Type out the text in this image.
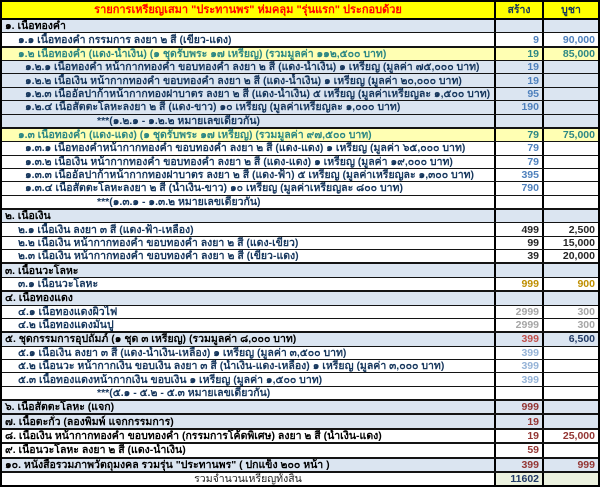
รายการเหรียญเสมา "ประทานพร" ห่มคลุม "รุ่นแรก" ประกอบด้วย	สร้าง	บูชา
๑. เนื้อทองคำ
๑.๑ เนื้อทองคำ กรรมการ ลงยา ๒ สี (เขียว-แดง)	9	90,000
๑.๒ เนื้อทองคำ (แดง-น้ำเงิน) (๑ ชุดรับพระ ๑๗ เหรียญ) (รวมมูลค่า ๑๑๒,๕๐๐ บาท)	19	85,000
๑.๒.๑ เนื้อทองคำ หน้ากากทองคำ ขอบทองคำ ลงยา ๒ สี (แดง-น้ำเงิน) ๑ เหรียญ (มูลค่า ๗๕,๐๐๐ บาท)	19
๑.๒.๒ เนื้อเงิน หน้ากากทองคำ ขอบทองคำ ลงยา ๒ สี (แดง-น้ำเงิน) ๑ เหรียญ (มูลค่า ๒๐,๐๐๐ บาท)	19
๑.๒.๓ เนื้ออัลปาก้าหน้ากากทองฝาบาตร ลงยา ๒ สี (แดง-น้ำเงิน) ๕ เหรียญ (มูลค่าเหรียญละ ๑,๕๐๐ บาท)	95
๑.๒.๔ เนื้อสัตตะโลหะลงยา ๒ สี (แดง-ขาว) ๑๐ เหรียญ (มูลค่าเหรียญละ ๑,๐๐๐ บาท)	190
***(๑.๒.๑ - ๑.๒.๒ หมายเลขเดียวกัน)
๑.๓ เนื้อทองคำ (แดง-แดง) (๑ ชุดรับพระ ๑๗ เหรียญ) (รวมมูลค่า ๙๗,๕๐๐ บาท)	79	75,000
๑.๓.๑ เนื้อทองคำหน้ากากทองคำ ขอบทองคำ ลงยา ๒ สี (แดง-แดง) ๑ เหรียญ (มูลค่า ๖๕,๐๐๐ บาท)	79
๑.๓.๒ เนื้อเงิน หน้ากากทองคำ ขอบทองคำ ลงยา ๒ สี (แดง-แดง) ๑ เหรียญ (มูลค่า ๑๙,๐๐๐ บาท)	79
๑.๓.๓ เนื้ออัลปาก้าหน้ากากทองฝาบาตร ลงยา ๒ สี (แดง-ฟ้า) ๕ เหรียญ (มูลค่าเหรียญละ ๑,๓๐๐ บาท)	395
๑.๓.๔ เนื้อสัตตะโลหะลงยา ๒ สี (น้ำเงิน-ขาว) ๑๐ เหรียญ (มูลค่าเหรียญละ ๘๐๐ บาท)	790
***(๑.๓.๑ - ๑.๓.๒ หมายเลขเดียวกัน)
๒. เนื้อเงิน
๒.๑ เนื้อเงิน ลงยา ๓ สี (แดง-ฟ้า-เหลือง)	499	2,500
๒.๒ เนื้อเงิน หน้ากากทองคำ ขอบทองคำ ลงยา ๒ สี (แดง-เขียว)	99	15,000
๒.๓ เนื้อเงิน หน้ากากทองคำ ขอบทองคำ ลงยา ๒ สี (เขียว-แดง)	39	20,000
๓. เนื้อนวะโลหะ
๓.๑ เนื้อนวะโลหะ	999	900
๔. เนื้อทองแดง
๔.๑ เนื้อทองแดงผิวไฟ	2999	300
๔.๒ เนื้อทองแดงมันปู	2999	300
๕. ชุดกรรมการอุปถัมภ์ (๑ ชุด ๓ เหรียญ) (รวมมูลค่า ๘,๐๐๐ บาท)	399	6,500
๕.๑ เนื้อเงิน ลงยา ๓ สี (แดง-น้ำเงิน-เหลือง) ๑ เหรียญ (มูลค่า ๓,๕๐๐ บาท)	399
๕.๒ เนื้อนวะ หน้ากากเงิน ขอบเงิน ลงยา ๓ สี (น้ำเงิน-แดง-เหลือง) ๑ เหรียญ (มูลค่า ๓,๐๐๐ บาท)	399
๕.๓ เนื้อทองแดงหน้ากากเงิน ขอบเงิน ๑ เหรียญ (มูลค่า ๑,๕๐๐ บาท)	399
***(๕.๑ - ๕.๒ - ๕.๓ หมายเลขเดียวกัน)
๖. เนื้อสัตตะโลหะ (แจก)	999
๗. เนื้อตะกั่ว (ลองพิมพ์ แจกกรรมการ)	19
๘. เนื้อเงิน หน้ากากทองคำ ขอบทองคำ (กรรมการโค้ดพิเศษ) ลงยา ๒ สี (น้ำเงิน-แดง)	19	25,000
๙. เนื้อนวะโลหะ ลงยา ๒ สี (แดง-น้ำเงิน)	59
๑๐. หนังสือรวมภาพวัตถุมงคล รวมรุ่น "ประทานพร" ( ปกแข็ง ๒๐๐ หน้า )	399	999
รวมจำนวนเหรียญทั้งสิ้น	11602
